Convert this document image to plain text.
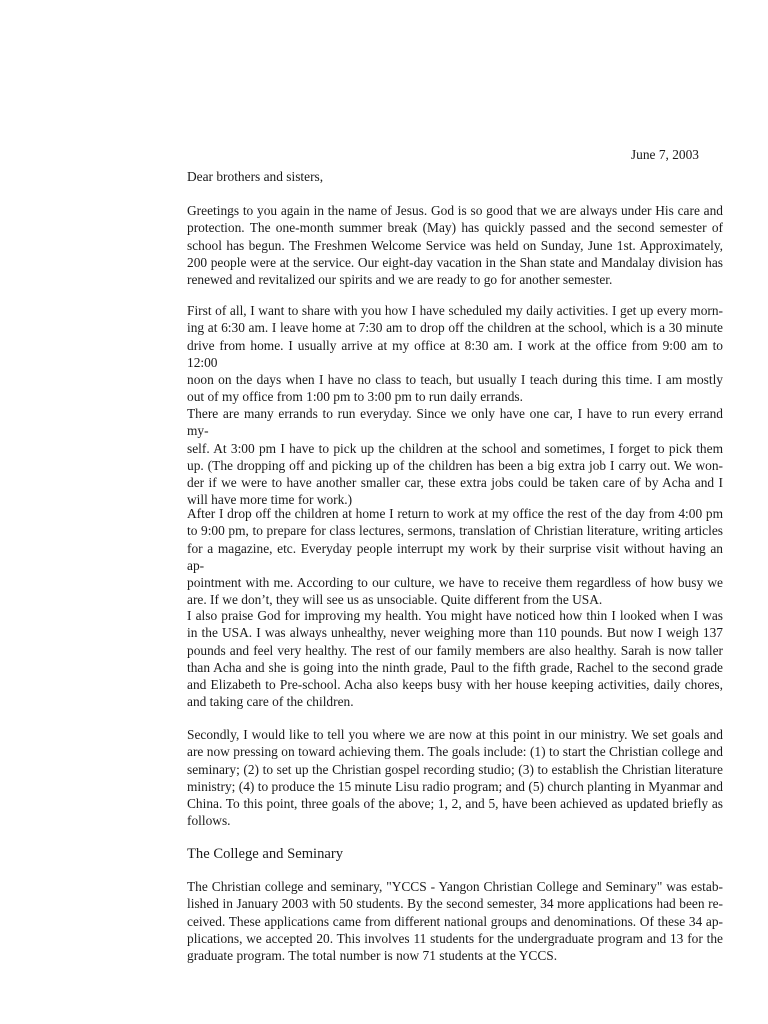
June 7, 2003
Dear brothers and sisters,
Greetings to you again in the name of Jesus. God is so good that we are always under His care and
protection. The one-month summer break (May) has quickly passed and the second semester of
school has begun. The Freshmen Welcome Service was held on Sunday, June 1st. Approximately,
200 people were at the service. Our eight-day vacation in the Shan state and Mandalay division has
renewed and revitalized our spirits and we are ready to go for another semester.
First of all, I want to share with you how I have scheduled my daily activities. I get up every morn-
ing at 6:30 am. I leave home at 7:30 am to drop off the children at the school, which is a 30 minute
drive from home. I usually arrive at my office at 8:30 am. I work at the office from 9:00 am to 12:00
noon on the days when I have no class to teach, but usually I teach during this time. I am mostly
out of my office from 1:00 pm to 3:00 pm to run daily errands.
There are many errands to run everyday. Since we only have one car, I have to run every errand my-
self. At 3:00 pm I have to pick up the children at the school and sometimes, I forget to pick them
up. (The dropping off and picking up of the children has been a big extra job I carry out. We won-
der if we were to have another smaller car, these extra jobs could be taken care of by Acha and I
will have more time for work.)
After I drop off the children at home I return to work at my office the rest of the day from 4:00 pm
to 9:00 pm, to prepare for class lectures, sermons, translation of Christian literature, writing articles
for a magazine, etc. Everyday people interrupt my work by their surprise visit without having an ap-
pointment with me. According to our culture, we have to receive them regardless of how busy we
are. If we don’t, they will see us as unsociable. Quite different from the USA.
I also praise God for improving my health. You might have noticed how thin I looked when I was
in the USA. I was always unhealthy, never weighing more than 110 pounds. But now I weigh 137
pounds and feel very healthy. The rest of our family members are also healthy. Sarah is now taller
than Acha and she is going into the ninth grade, Paul to the fifth grade, Rachel to the second grade
and Elizabeth to Pre-school. Acha also keeps busy with her house keeping activities, daily chores,
and taking care of the children.
Secondly, I would like to tell you where we are now at this point in our ministry. We set goals and
are now pressing on toward achieving them. The goals include: (1) to start the Christian college and
seminary; (2) to set up the Christian gospel recording studio; (3) to establish the Christian literature
ministry; (4) to produce the 15 minute Lisu radio program; and (5) church planting in Myanmar and
China. To this point, three goals of the above; 1, 2, and 5, have been achieved as updated briefly as
follows.
The College and Seminary
The Christian college and seminary, "YCCS - Yangon Christian College and Seminary" was estab-
lished in January 2003 with 50 students. By the second semester, 34 more applications had been re-
ceived. These applications came from different national groups and denominations. Of these 34 ap-
plications, we accepted 20. This involves 11 students for the undergraduate program and 13 for the
graduate program. The total number is now 71 students at the YCCS.
